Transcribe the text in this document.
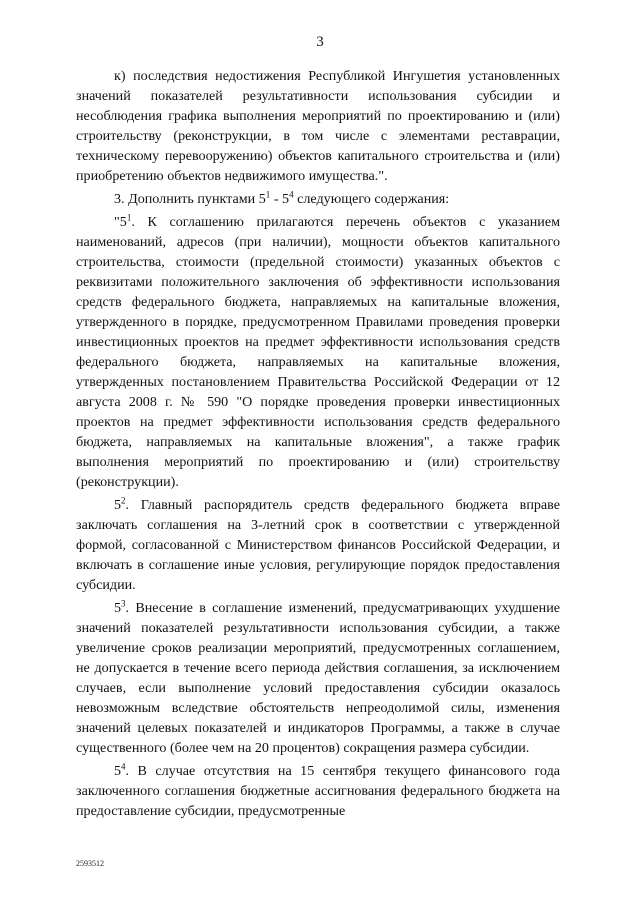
3

к) последствия недостижения Республикой Ингушетия установленных значений показателей результативности использования субсидии и несоблюдения графика выполнения мероприятий по проектированию и (или) строительству (реконструкции, в том числе с элементами реставрации, техническому перевооружению) объектов капитального строительства и (или) приобретению объектов недвижимого имущества.".

3. Дополнить пунктами $5^1 - 5^4$ следующего содержания:

"$5^1$. К соглашению прилагаются перечень объектов с указанием наименований, адресов (при наличии), мощности объектов капитального строительства, стоимости (предельной стоимости) указанных объектов с реквизитами положительного заключения об эффективности использования средств федерального бюджета, направляемых на капитальные вложения, утвержденного в порядке, предусмотренном Правилами проведения проверки инвестиционных проектов на предмет эффективности использования средств федерального бюджета, направляемых на капитальные вложения, утвержденных постановлением Правительства Российской Федерации от 12 августа 2008 г. № 590 "О порядке проведения проверки инвестиционных проектов на предмет эффективности использования средств федерального бюджета, направляемых на капитальные вложения", а также график выполнения мероприятий по проектированию и (или) строительству (реконструкции).

$5^2$. Главный распорядитель средств федерального бюджета вправе заключать соглашения на 3-летний срок в соответствии с утвержденной формой, согласованной с Министерством финансов Российской Федерации, и включать в соглашение иные условия, регулирующие порядок предоставления субсидии.

$5^3$. Внесение в соглашение изменений, предусматривающих ухудшение значений показателей результативности использования субсидии, а также увеличение сроков реализации мероприятий, предусмотренных соглашением, не допускается в течение всего периода действия соглашения, за исключением случаев, если выполнение условий предоставления субсидии оказалось невозможным вследствие обстоятельств непреодолимой силы, изменения значений целевых показателей и индикаторов Программы, а также в случае существенного (более чем на 20 процентов) сокращения размера субсидии.

$5^4$. В случае отсутствия на 15 сентября текущего финансового года заключенного соглашения бюджетные ассигнования федерального бюджета на предоставление субсидии, предусмотренные

2593512
